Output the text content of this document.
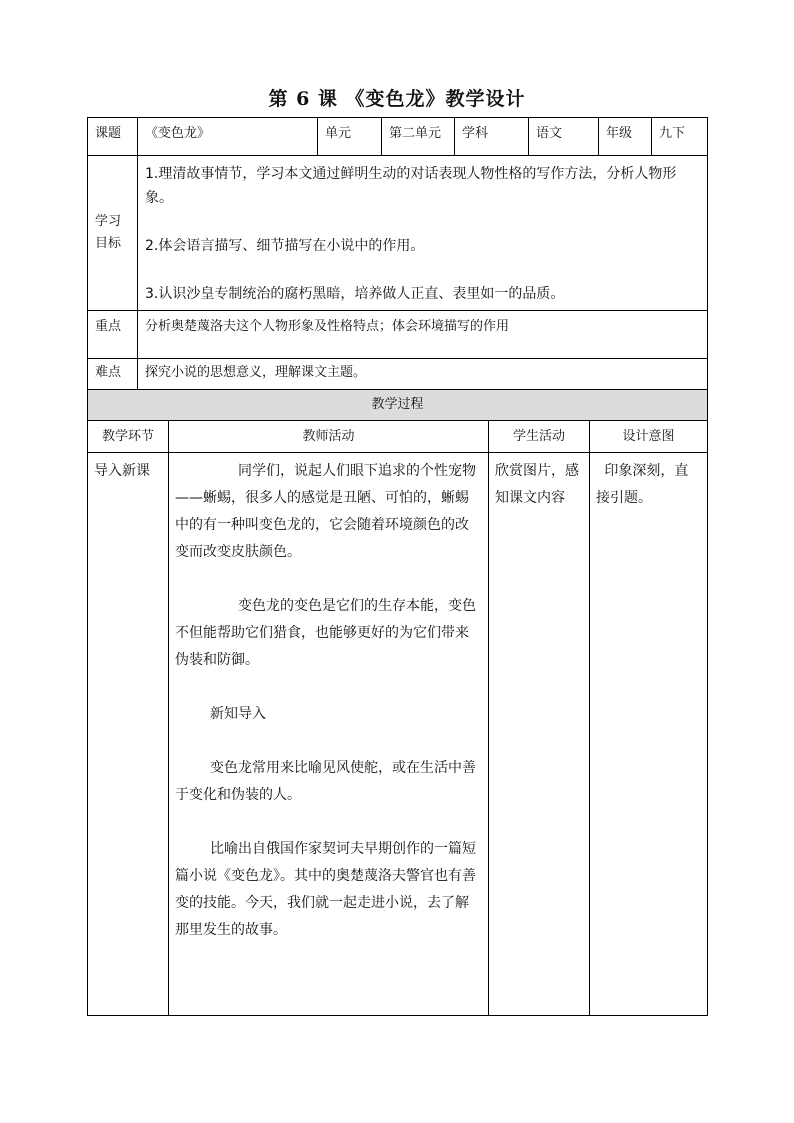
第 6 课 《变色龙》教学设计
课题	《变色龙》	单元	第二单元	学科	语文	年级	九下
学习目标	1.理清故事情节，学习本文通过鲜明生动的对话表现人物性格的写作方法，分析人物形象。

2.体会语言描写、细节描写在小说中的作用。

3.认识沙皇专制统治的腐朽黑暗，培养做人正直、表里如一的品质。						

重点	分析奥楚蔑洛夫这个人物形象及性格特点；体会环境描写的作用						
难点	探究小说的思想意义，理解课文主题。						
教学过程			
教学环节	教师活动	学生活动	设计意图
导入新课	同学们，说起人们眼下追求的个性宠物——蜥蜴，很多人的感觉是丑陋、可怕的，蜥蜴中的有一种叫变色龙的，它会随着环境颜色的改变而改变皮肤颜色。

变色龙的变色是它们的生存本能，变色不但能帮助它们猎食，也能够更好的为它们带来伪装和防御。

新知导入

变色龙常用来比喻见风使舵，或在生活中善于变化和伪装的人。

比喻出自俄国作家契诃夫早期创作的一篇短篇小说《变色龙》。其中的奥楚蔑洛夫警官也有善变的技能。今天，我们就一起走进小说，去了解那里发生的故事。	欣赏图片，感知课文内容	印象深刻，直接引题。
